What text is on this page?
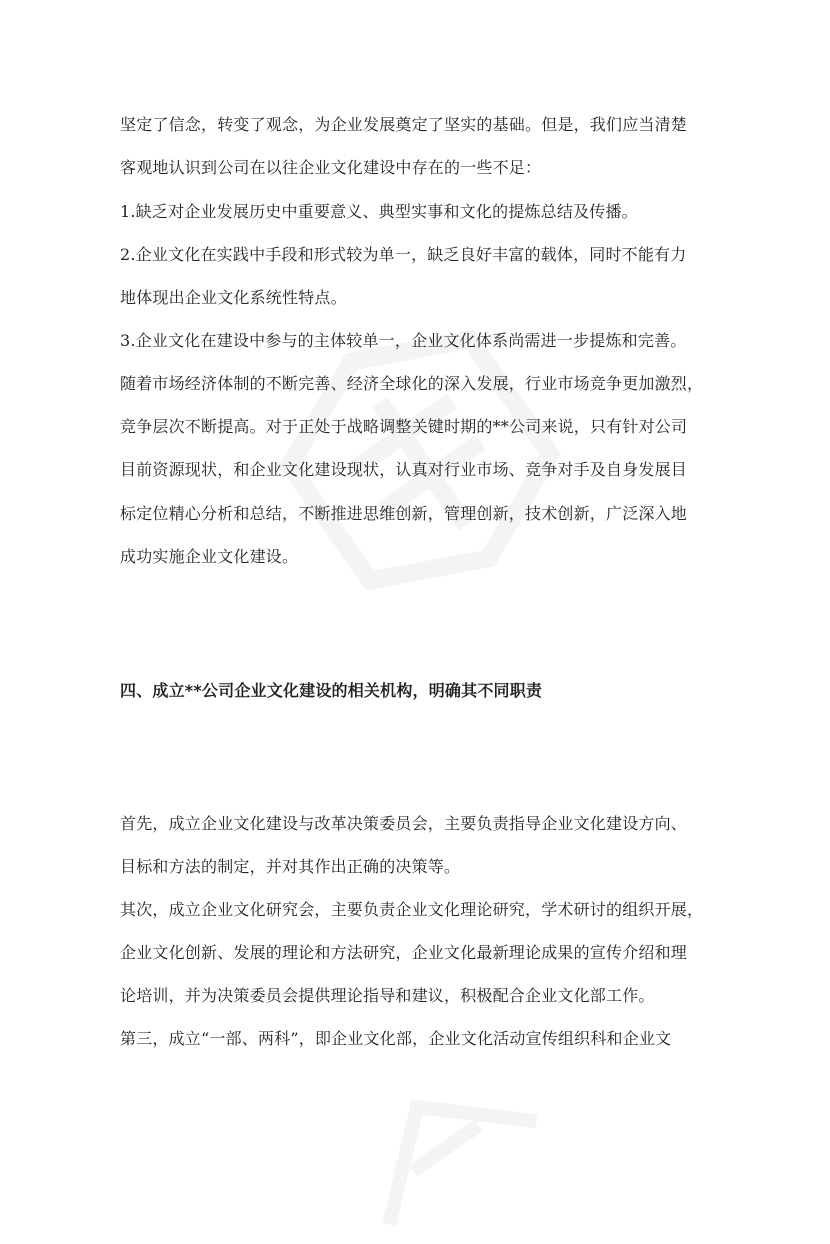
坚定了信念，转变了观念，为企业发展奠定了坚实的基础。但是，我们应当清楚
客观地认识到公司在以往企业文化建设中存在的一些不足：
1.缺乏对企业发展历史中重要意义、典型实事和文化的提炼总结及传播。
2.企业文化在实践中手段和形式较为单一，缺乏良好丰富的载体，同时不能有力
地体现出企业文化系统性特点。
3.企业文化在建设中参与的主体较单一，企业文化体系尚需进一步提炼和完善。
随着市场经济体制的不断完善、经济全球化的深入发展，行业市场竞争更加激烈，
竞争层次不断提高。对于正处于战略调整关键时期的**公司来说，只有针对公司
目前资源现状，和企业文化建设现状，认真对行业市场、竞争对手及自身发展目
标定位精心分析和总结，不断推进思维创新，管理创新，技术创新，广泛深入地
成功实施企业文化建设。
四、成立**公司企业文化建设的相关机构，明确其不同职责
首先，成立企业文化建设与改革决策委员会，主要负责指导企业文化建设方向、
目标和方法的制定，并对其作出正确的决策等。
其次，成立企业文化研究会，主要负责企业文化理论研究，学术研讨的组织开展，
企业文化创新、发展的理论和方法研究，企业文化最新理论成果的宣传介绍和理
论培训，并为决策委员会提供理论指导和建议，积极配合企业文化部工作。
第三，成立“一部、两科”，即企业文化部，企业文化活动宣传组织科和企业文
